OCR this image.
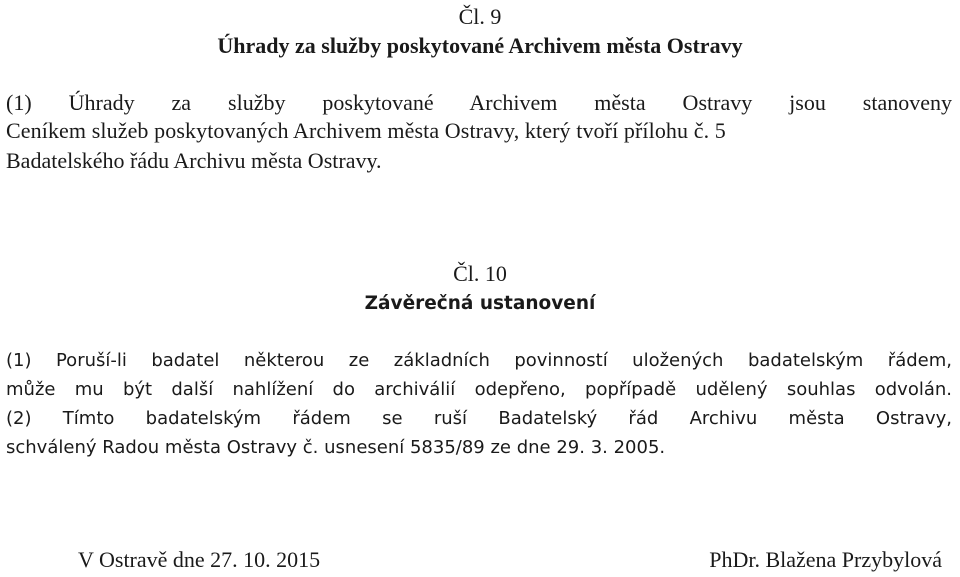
Čl. 9
Úhrady za služby poskytované Archivem města Ostravy
(1) Úhrady za služby poskytované Archivem města Ostravy jsou stanoveny
Ceníkem služeb poskytovaných Archivem města Ostravy, který tvoří přílohu č. 5
Badatelského řádu Archivu města Ostravy.
Čl. 10
Závěrečná ustanovení
(1) Poruší-li badatel některou ze základních povinností uložených badatelským řádem,
může mu být další nahlížení do archiválií odepřeno, popřípadě udělený souhlas odvolán.
(2) Tímto badatelským řádem se ruší Badatelský řád Archivu města Ostravy,
schválený Radou města Ostravy č. usnesení 5835/89 ze dne 29. 3. 2005.
V Ostravě dne 27. 10. 2015	PhDr. Blažena Przybylová
